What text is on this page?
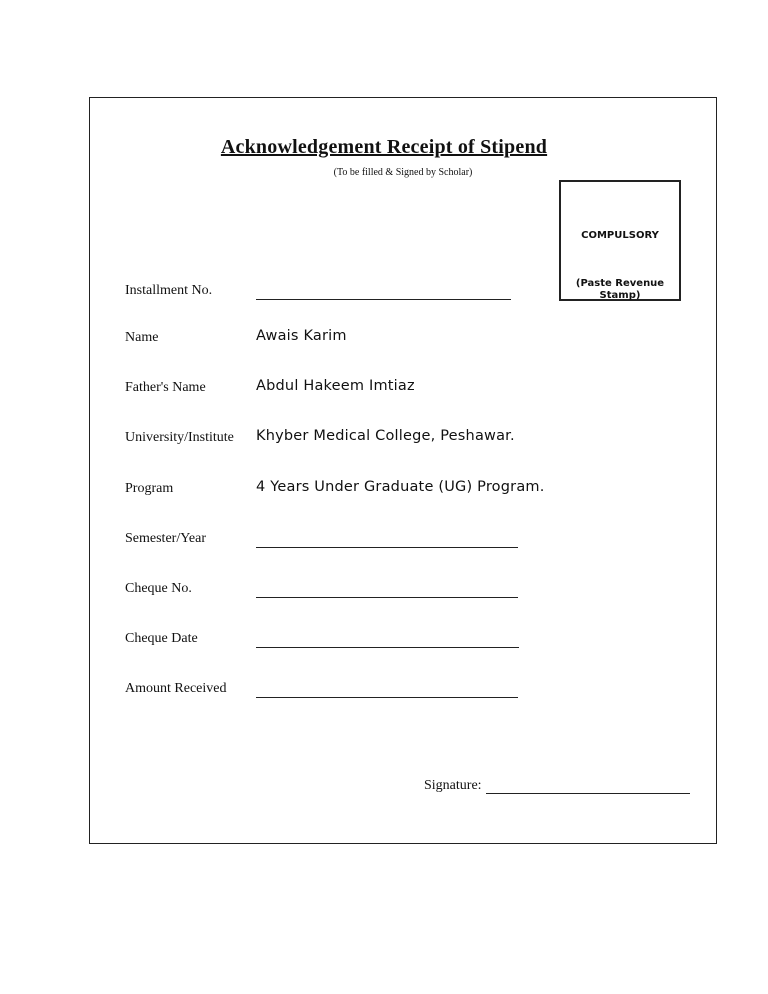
Acknowledgement Receipt of Stipend
(To be filled & Signed by Scholar)
COMPULSORY
(Paste Revenue
Stamp)
Installment No.
Name	Awais Karim
Father's Name	Abdul Hakeem Imtiaz
University/Institute Khyber Medical College, Peshawar.
Program	4 Years Under Graduate (UG) Program.
Semester/Year
Cheque No.
Cheque Date
Amount Received
Signature:
